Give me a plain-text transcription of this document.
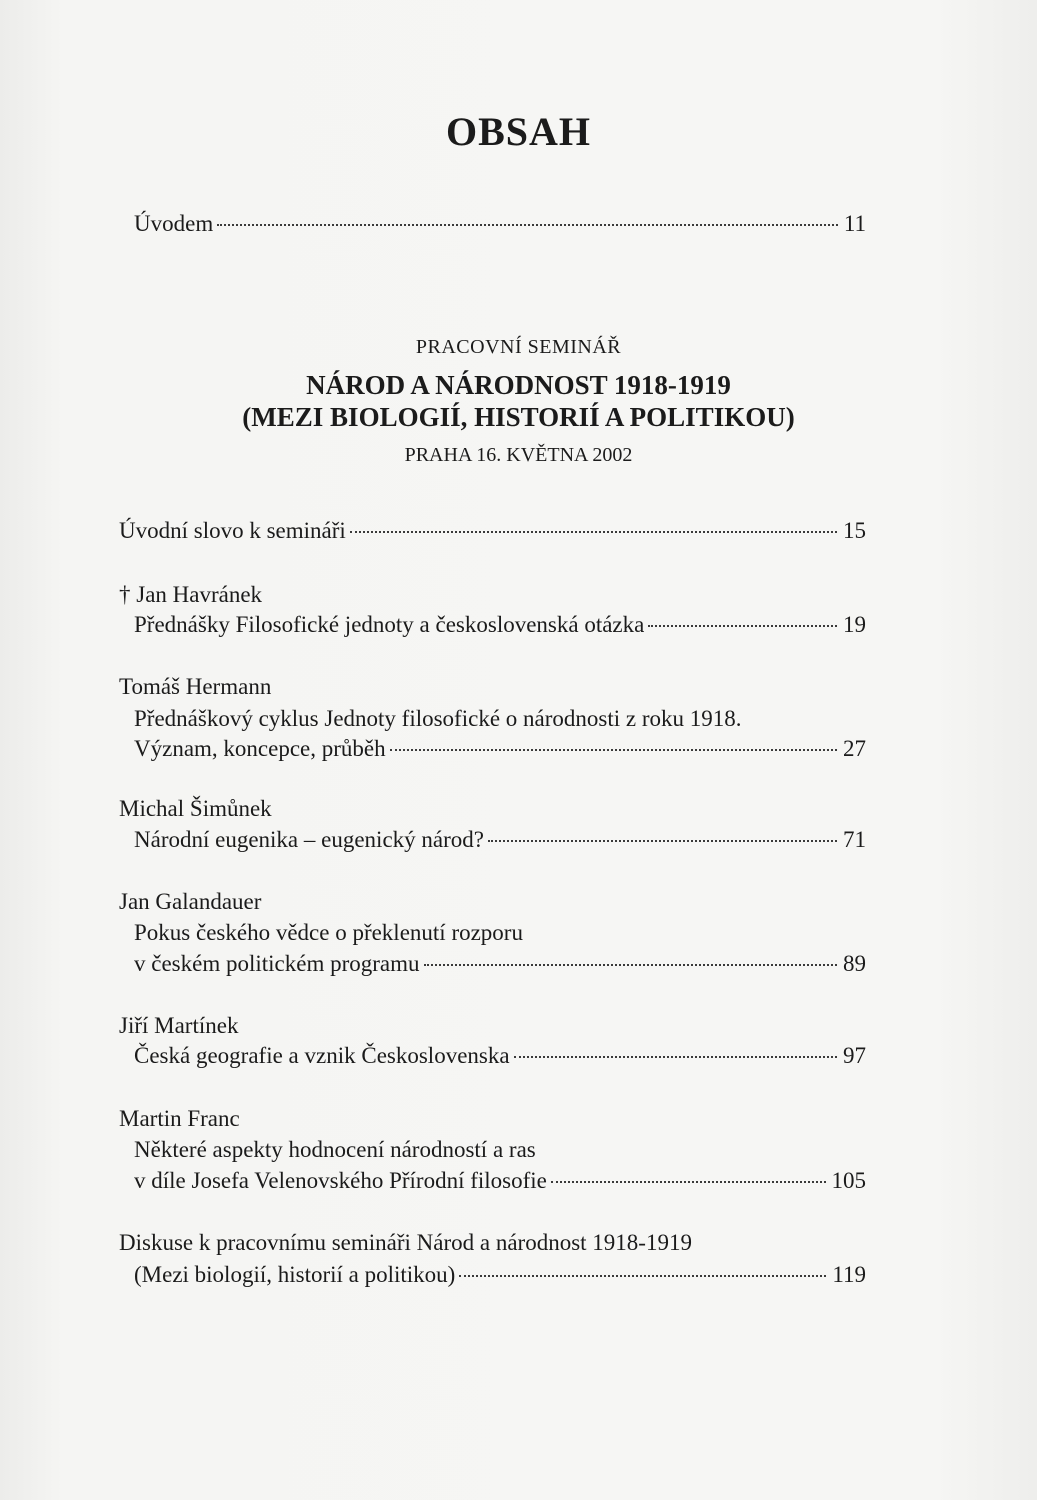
OBSAH
Úvodem	11
PRACOVNÍ SEMINÁŘ
NÁROD A NÁRODNOST 1918-1919
(MEZI BIOLOGIÍ, HISTORIÍ A POLITIKOU)
PRAHA 16. KVĚTNA 2002
Úvodní slovo k semináři	15
† Jan Havránek
Přednášky Filosofické jednoty a československá otázka	19
Tomáš Hermann
Přednáškový cyklus Jednoty filosofické o národnosti z roku 1918.
Význam, koncepce, průběh	27
Michal Šimůnek
Národní eugenika – eugenický národ?	71
Jan Galandauer
Pokus českého vědce o překlenutí rozporu
v českém politickém programu	89
Jiří Martínek
Česká geografie a vznik Československa	97
Martin Franc
Některé aspekty hodnocení národností a ras
v díle Josefa Velenovského Přírodní filosofie	105
Diskuse k pracovnímu semináři Národ a národnost 1918-1919
(Mezi biologií, historií a politikou)	119
